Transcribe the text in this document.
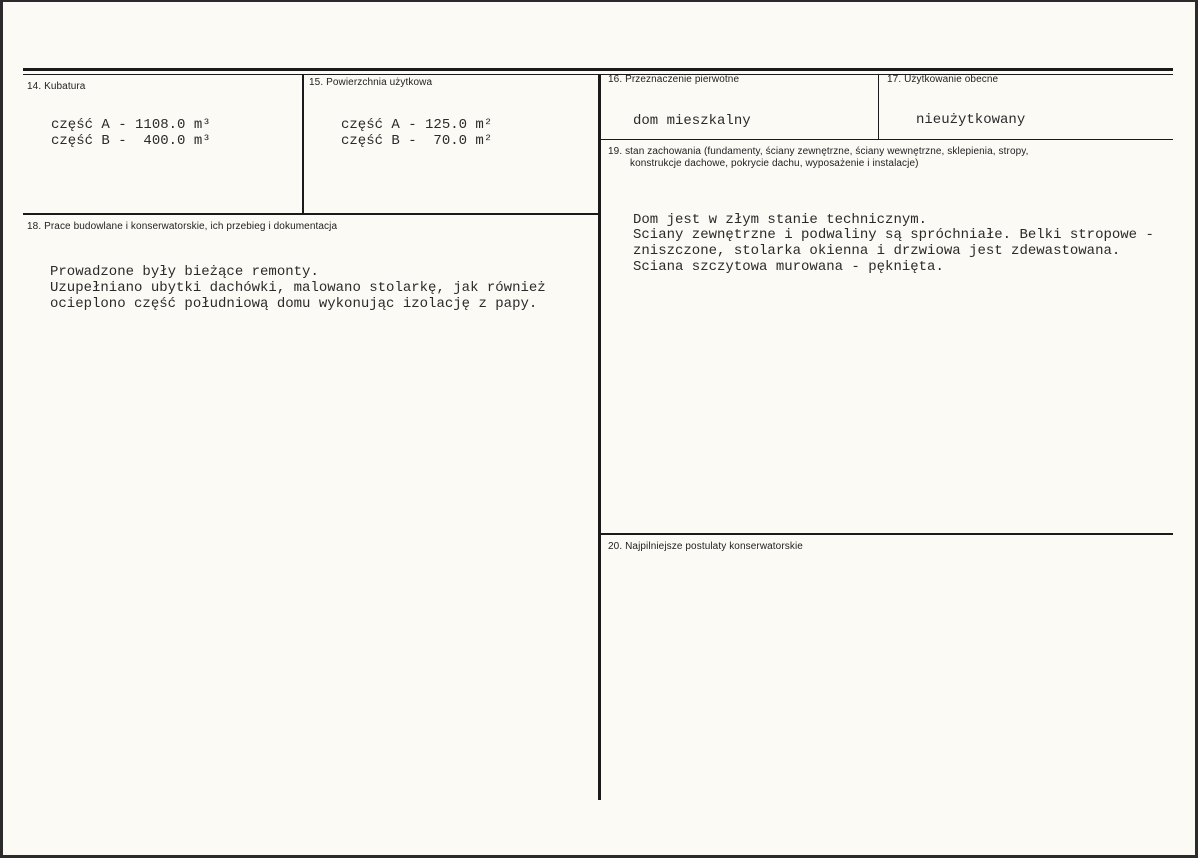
14. Kubatura
część A - 1108.0 m³
część B -  400.0 m³
15. Powierzchnia użytkowa
część A - 125.0 m²
część B -  70.0 m²
16. Przeznaczenie pierwotne
dom mieszkalny
17. Użytkowanie obecne
nieużytkowany
18. Prace budowlane i konserwatorskie, ich przebieg i dokumentacja
Prowadzone były bieżące remonty.
Uzupełniano ubytki dachówki, malowano stolarkę, jak również
ocieplono część południową domu wykonując izolację z papy.
19. stan zachowania (fundamenty, ściany zewnętrzne, ściany wewnętrzne, sklepienia, stropy,
konstrukcje dachowe, pokrycie dachu, wyposażenie i instalacje)
Dom jest w złym stanie technicznym.
Sciany zewnętrzne i podwaliny są spróchniałe. Belki stropowe -
zniszczone, stolarka okienna i drzwiowa jest zdewastowana.
Sciana szczytowa murowana - pęknięta.
20. Najpilniejsze postulaty konserwatorskie
